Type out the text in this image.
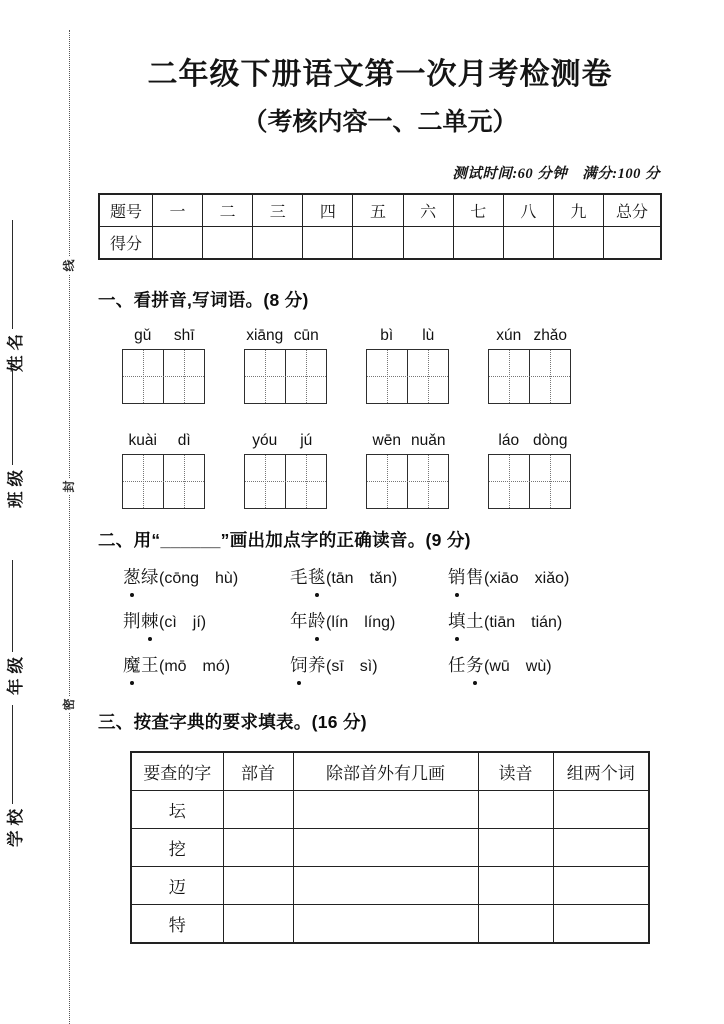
线
封
密
姓名
班级
年级
学校
二年级下册语文第一次月考检测卷
（考核内容一、二单元）
测试时间:60 分钟　满分:100 分
题号	一	二	三	四	五	六	七	八	九	总分
得分										
一、看拼音,写词语。(8 分)
gǔ	shī	xiāng cūn	bì	lù	xún zhǎo
kuài	dì	yóu	jú	wēn nuǎn	láo dòng
二、用“______”画出加点字的正确读音。(9 分)
葱绿(cōng  hù)	毛毯(tān  tǎn)	销售(xiāo  xiǎo)
荆棘(cì  jí)	年龄(lín  líng)	填土(tiān  tián)
魔王(mō  mó)	饲养(sī  sì)	任务(wū  wù)
三、按查字典的要求填表。(16 分)
要查的字	部首	除部首外有几画	读音	组两个词
坛				
挖				
迈				
特				
